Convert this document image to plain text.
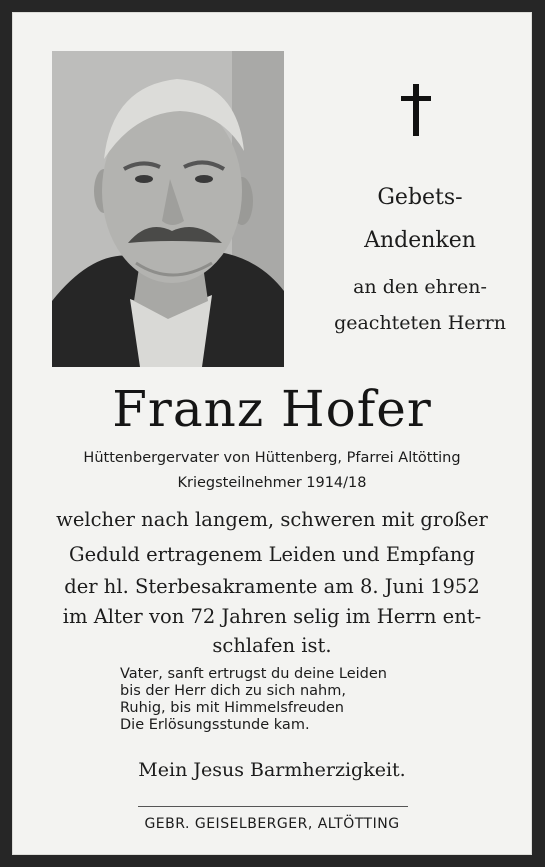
Gebets-
Andenken
an den ehren-
geachteten Herrn
Franz Hofer
Hüttenbergervater von Hüttenberg, Pfarrei Altötting
Kriegsteilnehmer 1914/18
welcher nach langem, schweren mit großer
Geduld ertragenem Leiden und Empfang
der hl. Sterbesakramente am 8. Juni 1952
im Alter von 72 Jahren selig im Herrn ent-
schlafen ist.
Vater, sanft ertrugst du deine Leiden
bis der Herr dich zu sich nahm,
Ruhig, bis mit Himmelsfreuden
Die Erlösungsstunde kam.
Mein Jesus Barmherzigkeit.
GEBR. GEISELBERGER, ALTÖTTING
